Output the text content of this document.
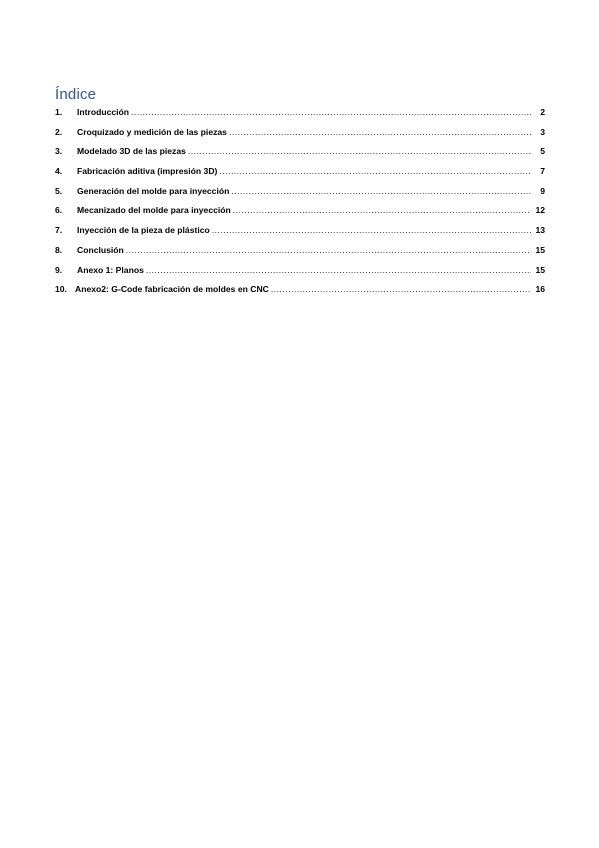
Índice
1.	Introducción .....	2
2.	Croquizado y medición de las piezas .....	3
3.	Modelado 3D de las piezas .....	5
4.	Fabricación aditiva (impresión 3D) .....	7
5.	Generación del molde para inyección .....	9
6.	Mecanizado del molde para inyección .....	12
7.	Inyección de la pieza de plástico .....	13
8.	Conclusión .....	15
9.	Anexo 1: Planos .....	15
10. Anexo2: G-Code fabricación de moldes en CNC .....	16
